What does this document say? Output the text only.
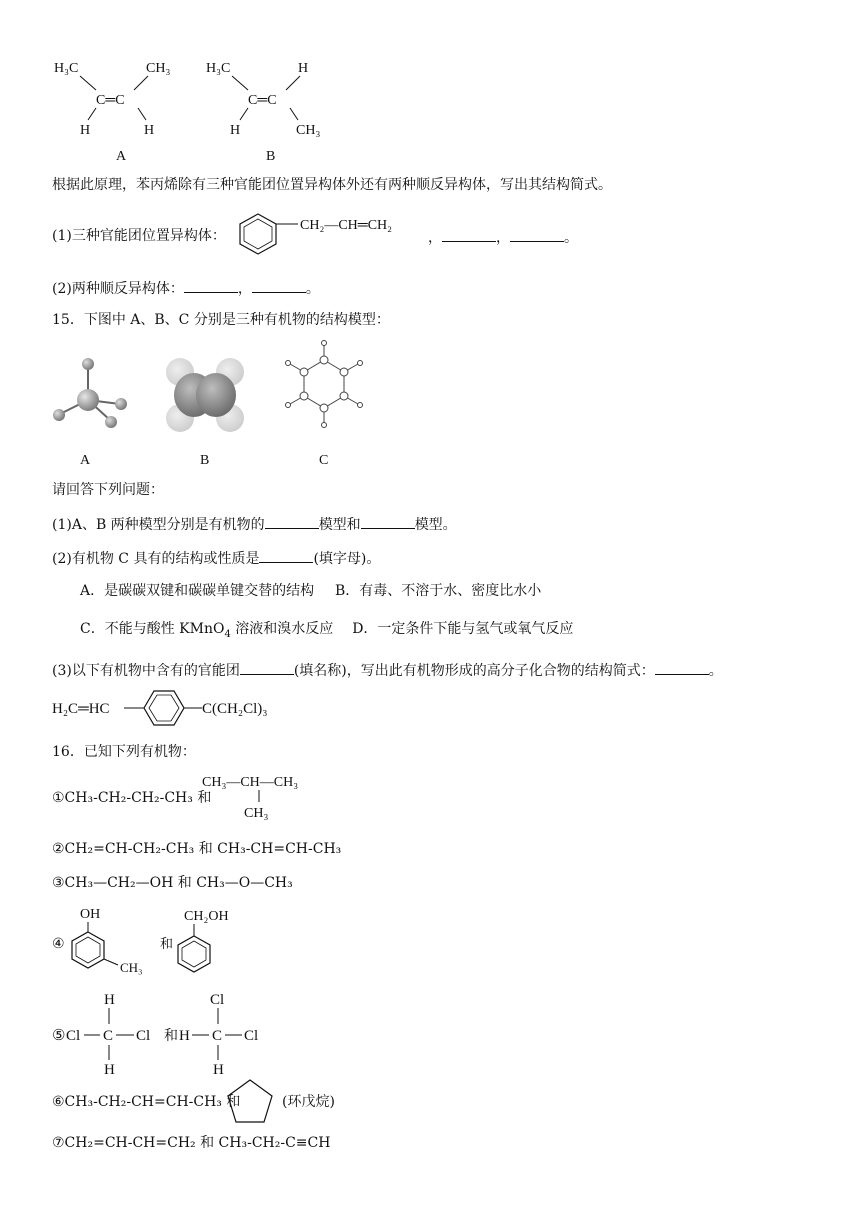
H₃C	CH₃
C═C
H	H
A
H₃C	H
C═C
H	CH₃
B
根据此原理，苯丙烯除有三种官能团位置异构体外还有两种顺反异构体，写出其结构简式。
(1)三种官能团位置异构体：
CH₂—CH═CH₂
，	，	。
(2)两种顺反异构体：	，	。
15．下图中 A、B、C 分别是三种有机物的结构模型：
A	B	C
请回答下列问题：
(1)A、B 两种模型分别是有机物的	模型和	模型。
(2)有机物 C 具有的结构或性质是	(填字母)。
A．是碳碳双键和碳碳单键交替的结构 B．有毒、不溶于水、密度比水小
C．不能与酸性 KMnO$_4$ 溶液和溴水反应 D．一定条件下能与氢气或氧气反应
(3)以下有机物中含有的官能团	(填名称)，写出此有机物形成的高分子化合物的结构简式：	。
H₂C═HC	C(CH₂Cl)₃
16．已知下列有机物：
①CH₃-CH₂-CH₂-CH₃ 和
CH₃—CH—CH₃
CH₃
②CH₂=CH-CH₂-CH₃ 和 CH₃-CH=CH-CH₃
③CH₃—CH₂—OH 和 CH₃—O—CH₃
④
OH
CH₃
和
CH₂OH
⑤
H
Cl C Cl
H
和
Cl
H C Cl
H
⑥CH₃-CH₂-CH=CH-CH₃ 和	(环戊烷)
⑦CH₂=CH-CH=CH₂ 和 CH₃-CH₂-C≡CH
